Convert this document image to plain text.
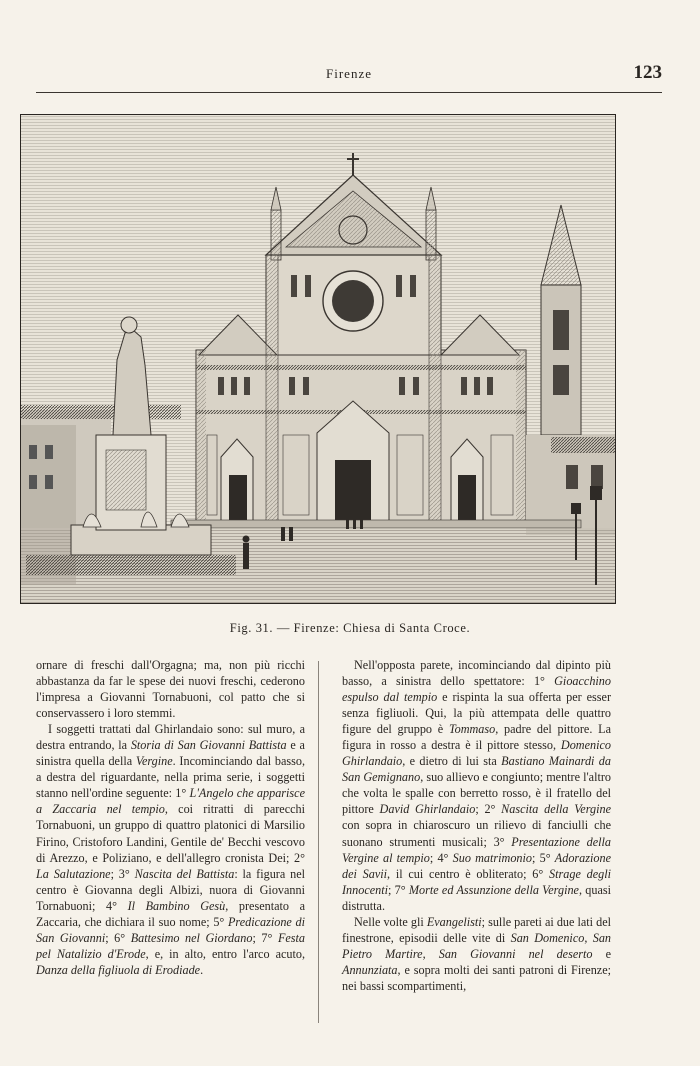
Firenze	123
Fig. 31. — Firenze: Chiesa di Santa Croce.

ornare di freschi dall'Orgagna; ma, non più ricchi abbastanza da far le spese dei nuovi freschi, cederono l'impresa a Giovanni Tornabuoni, col patto che si conservassero i loro stemmi.

I soggetti trattati dal Ghirlandaio sono: sul muro, a destra entrando, la Storia di San Giovanni Battista e a sinistra quella della Vergine. Incominciando dal basso, a destra del riguardante, nella prima serie, i soggetti stanno nell'ordine seguente: 1° L'Angelo che apparisce a Zaccaria nel tempio, coi ritratti di parecchi Tornabuoni, un gruppo di quattro platonici di Marsilio Firino, Cristoforo Landini, Gentile de' Becchi vescovo di Arezzo, e Poliziano, e dell'allegro cronista Dei; 2° La Salutazione; 3° Nascita del Battista: la figura nel centro è Giovanna degli Albizi, nuora di Giovanni Tornabuoni; 4° Il Bambino Gesù, presentato a Zaccaria, che dichiara il suo nome; 5° Predicazione di San Giovanni; 6° Battesimo nel Giordano; 7° Festa pel Natalizio d'Erode, e, in alto, entro l'arco acuto, Danza della figliuola di Erodiade.

Nell'opposta parete, incominciando dal dipinto più basso, a sinistra dello spettatore: 1° Gioacchino espulso dal tempio e rispinta la sua offerta per esser senza figliuoli. Qui, la più attempata delle quattro figure del gruppo è Tommaso, padre del pittore. La figura in rosso a destra è il pittore stesso, Domenico Ghirlandaio, e dietro di lui sta Bastiano Mainardi da San Gemignano, suo allievo e congiunto; mentre l'altro che volta le spalle con berretto rosso, è il fratello del pittore David Ghirlandaio; 2° Nascita della Vergine con sopra in chiaroscuro un rilievo di fanciulli che suonano strumenti musicali; 3° Presentazione della Vergine al tempio; 4° Suo matrimonio; 5° Adorazione dei Savii, il cui centro è obliterato; 6° Strage degli Innocenti; 7° Morte ed Assunzione della Vergine, quasi distrutta.

Nelle volte gli Evangelisti; sulle pareti ai due lati del finestrone, episodii delle vite di San Domenico, San Pietro Martire, San Giovanni nel deserto e Annunziata, e sopra molti dei santi patroni di Firenze; nei bassi scompartimenti,
